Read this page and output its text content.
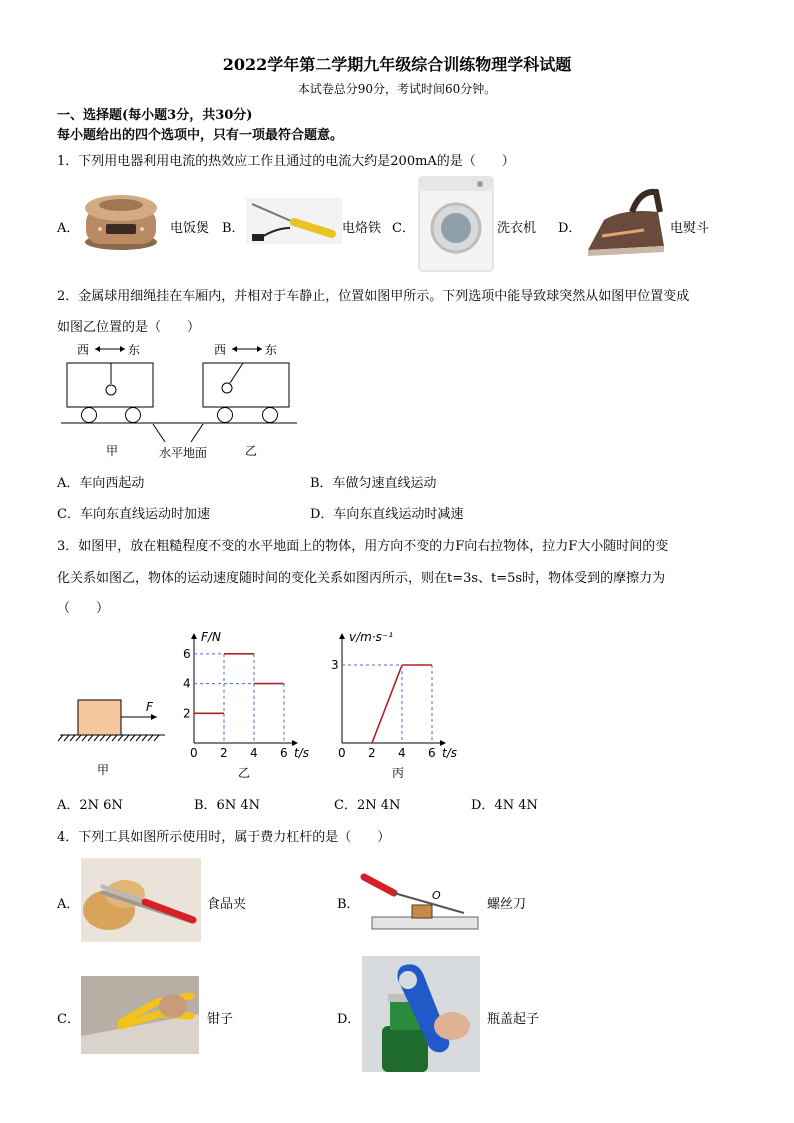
2022学年第二学期九年级综合训练物理学科试题
本试卷总分90分，考试时间60分钟。
一、选择题(每小题3分，共30分)
每小题给出的四个选项中，只有一项最符合题意。
1．下列用电器利用电流的热效应工作且通过的电流大约是200mA的是（　　）
A．	电饭煲 B．	电烙铁 C．	洗衣机 D．	电熨斗
2．金属球用细绳挂在车厢内，并相对于车静止，位置如图甲所示。下列选项中能导致球突然从如图甲位置变成
如图乙位置的是（　　）
西	东	西	东
甲	水平地面	乙
A．车向西起动	B．车做匀速直线运动
C．车向东直线运动时加速	D．车向东直线运动时减速
3．如图甲，放在粗糙程度不变的水平地面上的物体，用方向不变的力F向右拉物体，拉力F大小随时间的变
化关系如图乙，物体的运动速度随时间的变化关系如图丙所示，则在t=3s、t=5s时，物体受到的摩擦力为
（　　）
F
甲
F/N
t/s
0 2 4 6
2
4
6
乙
v/m·s⁻¹
t/s
0 2 4 6
3
丙
A．2N 6N	B．6N 4N	C．2N 4N	D．4N 4N
4．下列工具如图所示使用时，属于费力杠杆的是（　　）
A．	食品夹	B．
O
螺丝刀
C．	钳子	D．	瓶盖起子
